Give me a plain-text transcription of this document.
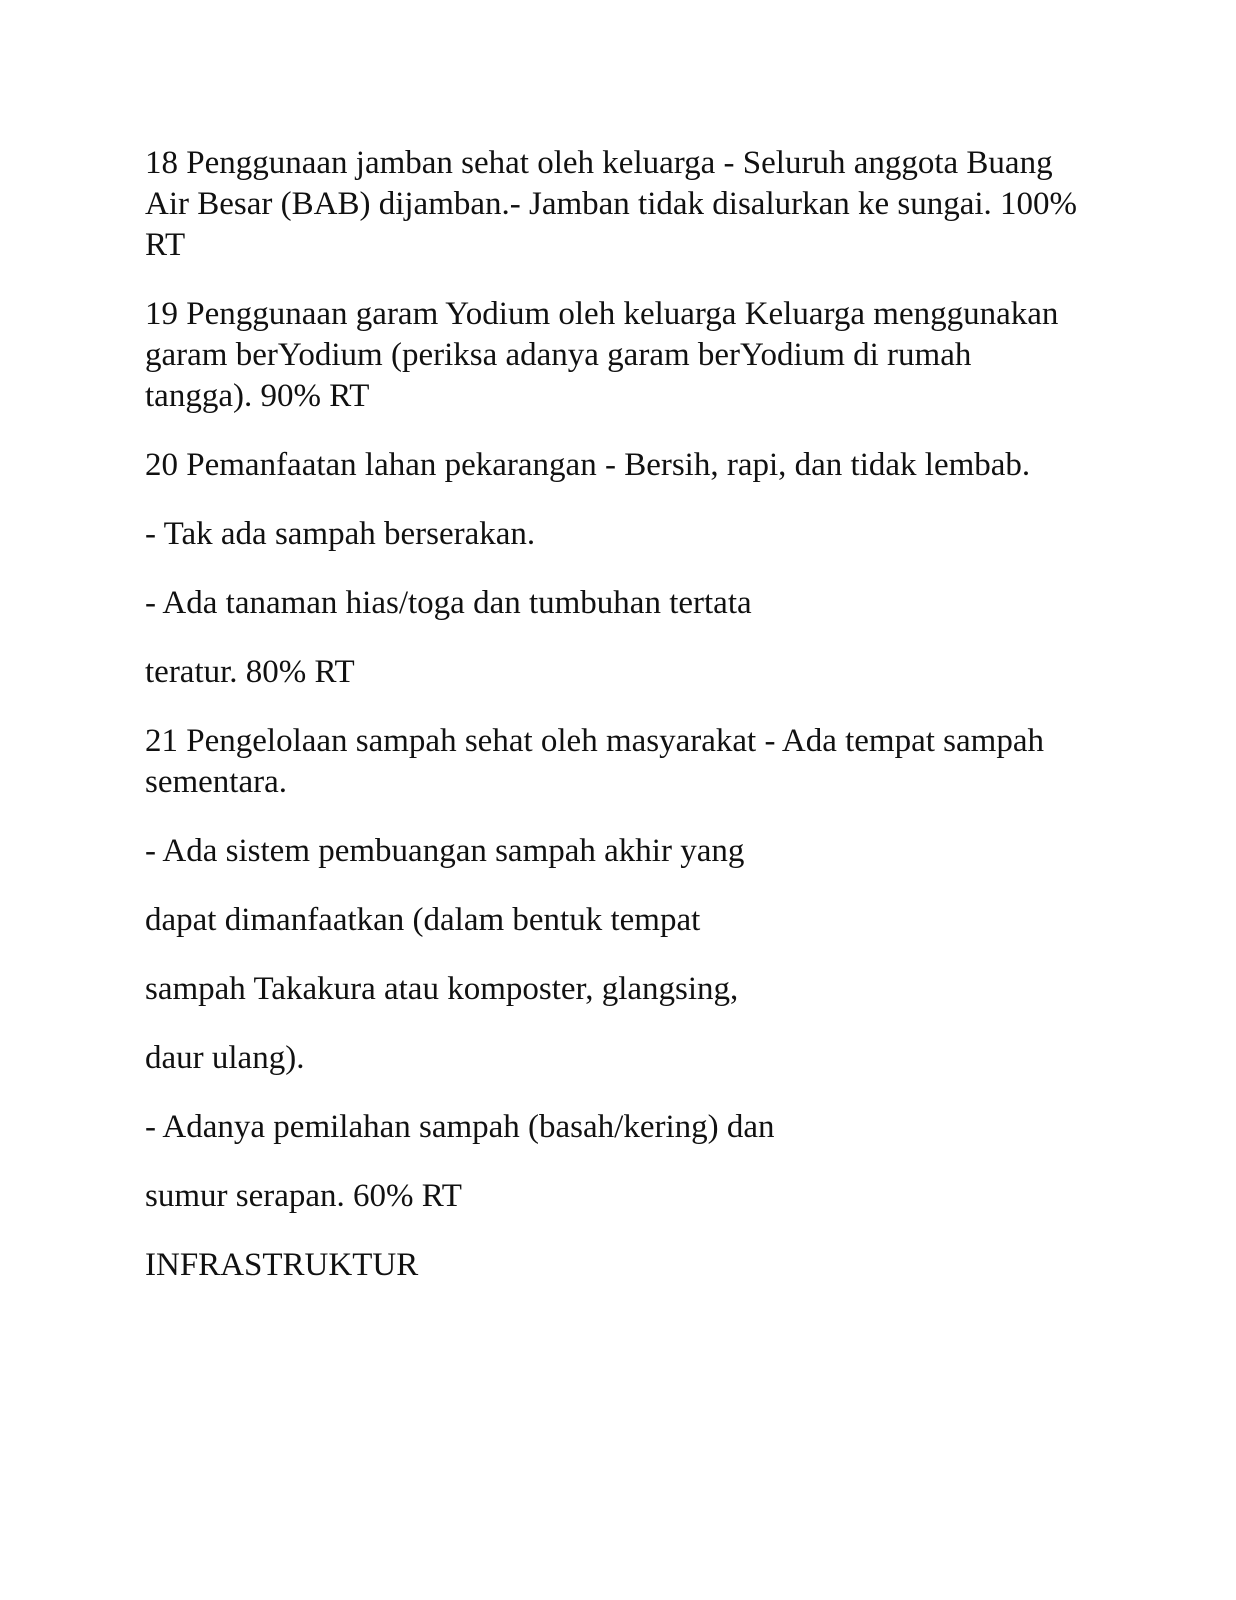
18 Penggunaan jamban sehat oleh keluarga - Seluruh anggota Buang Air Besar (BAB) dijamban.- Jamban tidak disalurkan ke sungai. 100% RT

19 Penggunaan garam Yodium oleh keluarga Keluarga menggunakan garam berYodium (periksa adanya garam berYodium di rumah tangga). 90% RT

20 Pemanfaatan lahan pekarangan - Bersih, rapi, dan tidak lembab.

- Tak ada sampah berserakan.

- Ada tanaman hias/toga dan tumbuhan tertata

teratur. 80% RT

21 Pengelolaan sampah sehat oleh masyarakat - Ada tempat sampah sementara.

- Ada sistem pembuangan sampah akhir yang

dapat dimanfaatkan (dalam bentuk tempat

sampah Takakura atau komposter, glangsing,

daur ulang).

- Adanya pemilahan sampah (basah/kering) dan

sumur serapan. 60% RT

INFRASTRUKTUR
